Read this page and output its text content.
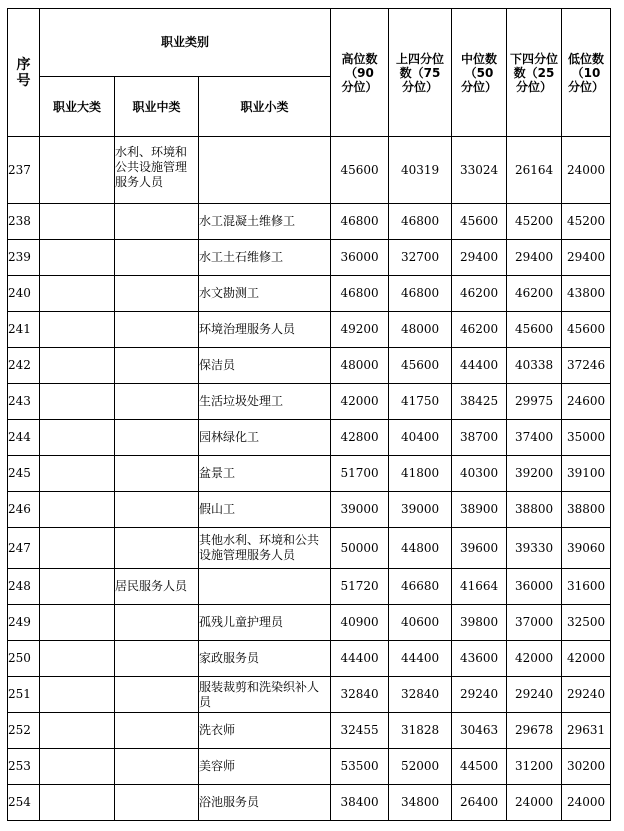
序号	职业类别			高位数（90分位）	上四分位数（75分位）	中位数（50分位）	下四分位数（25分位）	低位数（10分位）

	职业大类	职业中类	职业小类					
237		水利、环境和公共设施管理服务人员		45600	40319	33024	26164	24000
238			水工混凝土维修工	46800	46800	45600	45200	45200
239			水工土石维修工	36000	32700	29400	29400	29400
240			水文勘测工	46800	46800	46200	46200	43800
241			环境治理服务人员	49200	48000	46200	45600	45600
242			保洁员	48000	45600	44400	40338	37246
243			生活垃圾处理工	42000	41750	38425	29975	24600
244			园林绿化工	42800	40400	38700	37400	35000
245			盆景工	51700	41800	40300	39200	39100
246			假山工	39000	39000	38900	38800	38800
247			其他水利、环境和公共设施管理服务人员	50000	44800	39600	39330	39060
248		居民服务人员		51720	46680	41664	36000	31600
249			孤残儿童护理员	40900	40600	39800	37000	32500
250			家政服务员	44400	44400	43600	42000	42000
251			服装裁剪和洗染织补人员	32840	32840	29240	29240	29240
252			洗衣师	32455	31828	30463	29678	29631
253			美容师	53500	52000	44500	31200	30200
254			浴池服务员	38400	34800	26400	24000	24000
